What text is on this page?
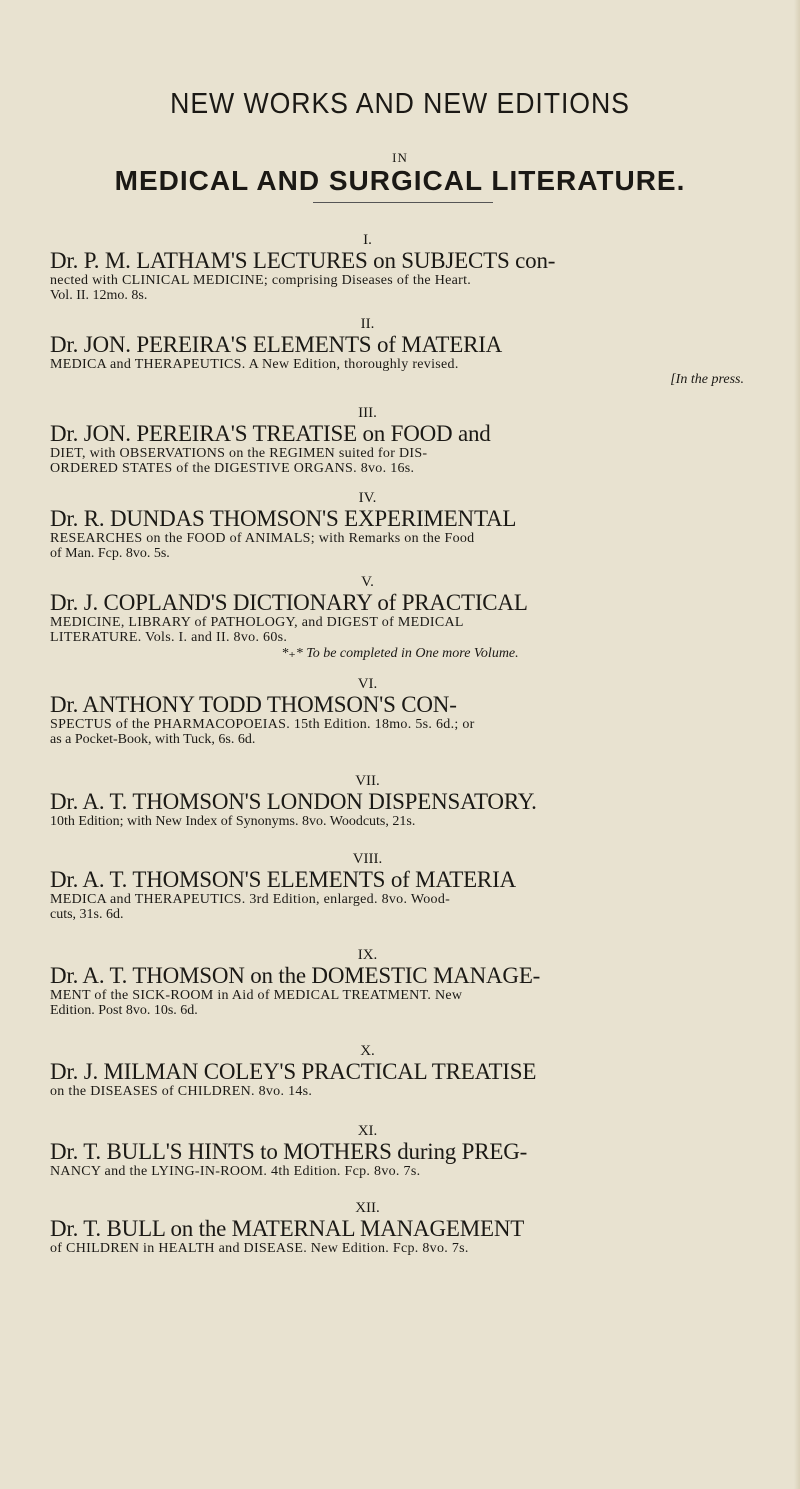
NEW WORKS AND NEW EDITIONS
IN
MEDICAL AND SURGICAL LITERATURE.
I.
Dr. P. M. LATHAM'S LECTURES on SUBJECTS con-
nected with CLINICAL MEDICINE; comprising Diseases of the Heart.
Vol. II. 12mo. 8s.
II.
Dr. JON. PEREIRA'S ELEMENTS of MATERIA
MEDICA and THERAPEUTICS. A New Edition, thoroughly revised.
[In the press.
III.
Dr. JON. PEREIRA'S TREATISE on FOOD and
DIET, with OBSERVATIONS on the REGIMEN suited for DIS-
ORDERED STATES of the DIGESTIVE ORGANS. 8vo. 16s.
IV.
Dr. R. DUNDAS THOMSON'S EXPERIMENTAL
RESEARCHES on the FOOD of ANIMALS; with Remarks on the Food
of Man. Fcp. 8vo. 5s.
V.
Dr. J. COPLAND'S DICTIONARY of PRACTICAL
MEDICINE, LIBRARY of PATHOLOGY, and DIGEST of MEDICAL
LITERATURE. Vols. I. and II. 8vo. 60s.
*₊* To be completed in One more Volume.
VI.
Dr. ANTHONY TODD THOMSON'S CON-
SPECTUS of the PHARMACOPOEIAS. 15th Edition. 18mo. 5s. 6d.; or
as a Pocket-Book, with Tuck, 6s. 6d.
VII.
Dr. A. T. THOMSON'S LONDON DISPENSATORY.
10th Edition; with New Index of Synonyms. 8vo. Woodcuts, 21s.
VIII.
Dr. A. T. THOMSON'S ELEMENTS of MATERIA
MEDICA and THERAPEUTICS. 3rd Edition, enlarged. 8vo. Wood-
cuts, 31s. 6d.
IX.
Dr. A. T. THOMSON on the DOMESTIC MANAGE-
MENT of the SICK-ROOM in Aid of MEDICAL TREATMENT. New
Edition. Post 8vo. 10s. 6d.
X.
Dr. J. MILMAN COLEY'S PRACTICAL TREATISE
on the DISEASES of CHILDREN. 8vo. 14s.
XI.
Dr. T. BULL'S HINTS to MOTHERS during PREG-
NANCY and the LYING-IN-ROOM. 4th Edition. Fcp. 8vo. 7s.
XII.
Dr. T. BULL on the MATERNAL MANAGEMENT
of CHILDREN in HEALTH and DISEASE. New Edition. Fcp. 8vo. 7s.
